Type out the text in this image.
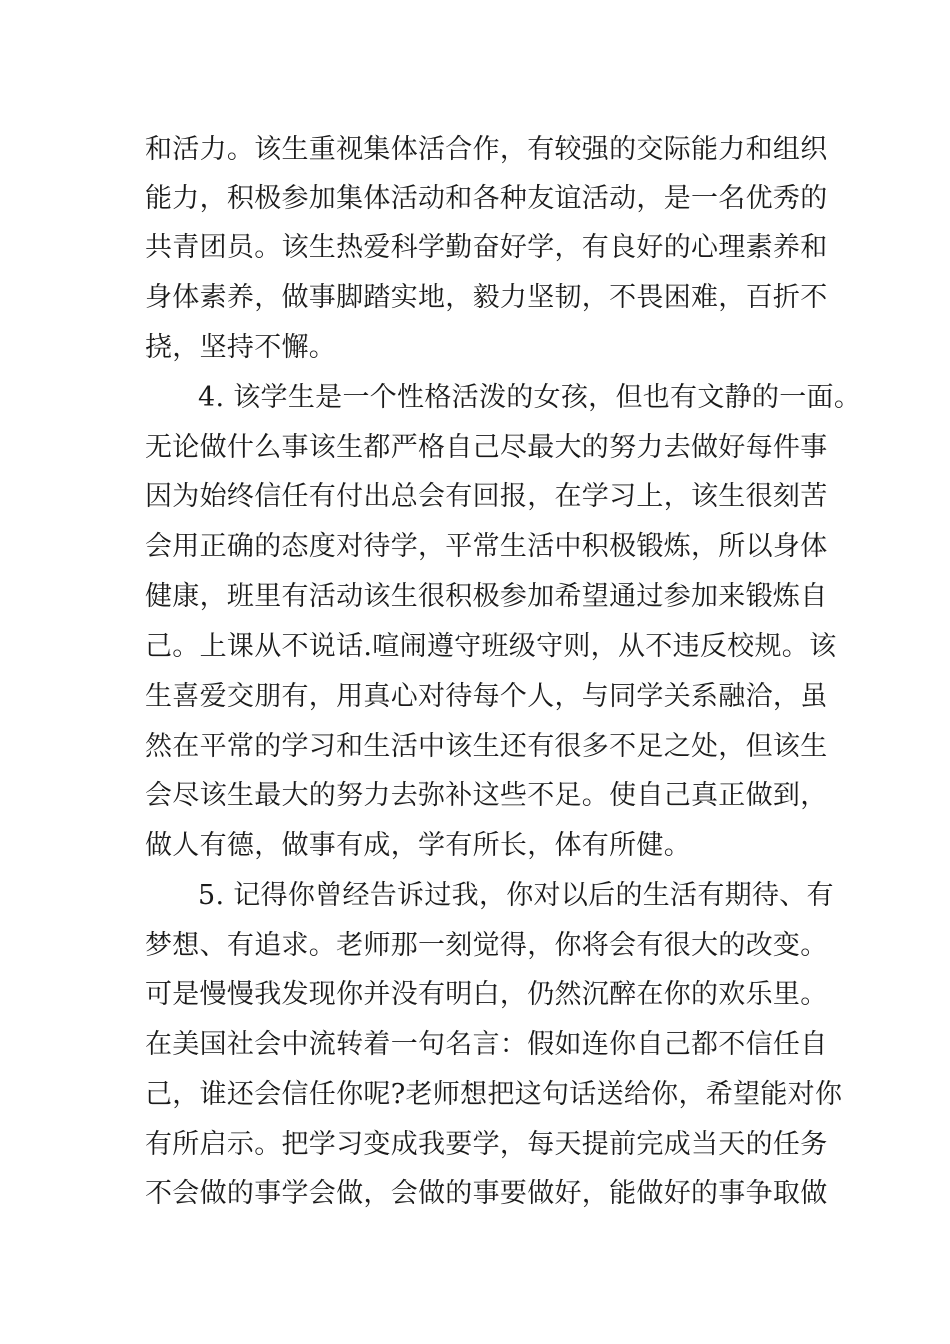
和活力。该生重视集体活合作，有较强的交际能力和组织
能力，积极参加集体活动和各种友谊活动，是一名优秀的
共青团员。该生热爱科学勤奋好学，有良好的心理素养和
身体素养，做事脚踏实地，毅力坚韧，不畏困难，百折不
挠，坚持不懈。
4. 该学生是一个性格活泼的女孩，但也有文静的一面。
无论做什么事该生都严格自己尽最大的努力去做好每件事
因为始终信任有付出总会有回报，在学习上，该生很刻苦
会用正确的态度对待学，平常生活中积极锻炼，所以身体
健康，班里有活动该生很积极参加希望通过参加来锻炼自
己。上课从不说话.喧闹遵守班级守则，从不违反校规。该
生喜爱交朋有，用真心对待每个人，与同学关系融洽，虽
然在平常的学习和生活中该生还有很多不足之处，但该生
会尽该生最大的努力去弥补这些不足。使自己真正做到，
做人有德，做事有成，学有所长，体有所健。
5. 记得你曾经告诉过我，你对以后的生活有期待、有
梦想、有追求。老师那一刻觉得，你将会有很大的改变。
可是慢慢我发现你并没有明白，仍然沉醉在你的欢乐里。
在美国社会中流转着一句名言：假如连你自己都不信任自
己，谁还会信任你呢?老师想把这句话送给你，希望能对你
有所启示。把学习变成我要学，每天提前完成当天的任务
不会做的事学会做，会做的事要做好，能做好的事争取做
